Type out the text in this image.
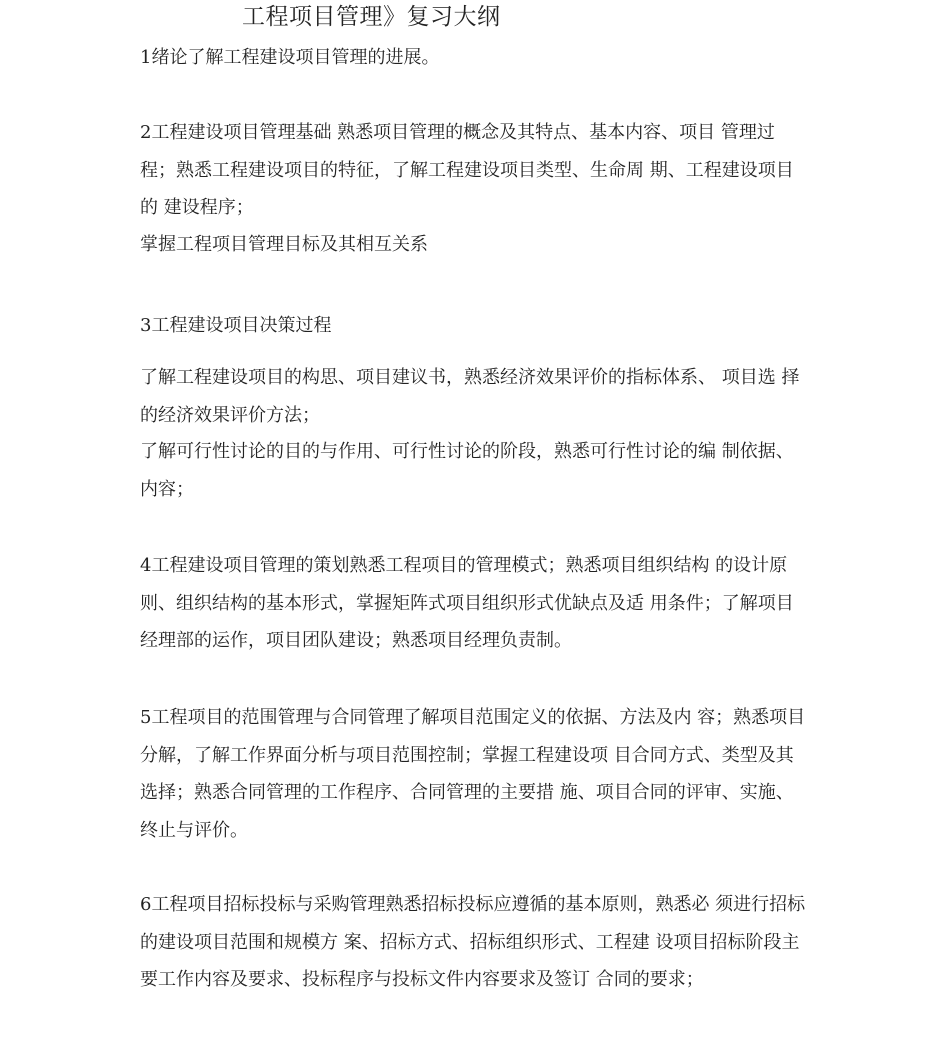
工程项目管理》复习大纲
1绪论了解工程建设项目管理的进展。
2工程建设项目管理基础 熟悉项目管理的概念及其特点、基本内容、项目 管理过程；熟悉工程建设项目的特征，了解工程建设项目类型、生命周 期、工程建设项目的 建设程序；
掌握工程项目管理目标及其相互关系
3工程建设项目决策过程
了解工程建设项目的构思、项目建议书，熟悉经济效果评价的指标体系、 项目选 择的经济效果评价方法；
了解可行性讨论的目的与作用、可行性讨论的阶段，熟悉可行性讨论的编 制依据、内容；
4工程建设项目管理的策划熟悉工程项目的管理模式；熟悉项目组织结构 的设计原则、组织结构的基本形式，掌握矩阵式项目组织形式优缺点及适 用条件；了解项目经理部的运作，项目团队建设；熟悉项目经理负责制。
5工程项目的范围管理与合同管理了解项目范围定义的依据、方法及内 容；熟悉项目分解，了解工作界面分析与项目范围控制；掌握工程建设项 目合同方式、类型及其选择；熟悉合同管理的工作程序、合同管理的主要措 施、项目合同的评审、实施、终止与评价。
6工程项目招标投标与采购管理熟悉招标投标应遵循的基本原则，熟悉必 须进行招标的建设项目范围和规模方 案、招标方式、招标组织形式、工程建 设项目招标阶段主要工作内容及要求、投标程序与投标文件内容要求及签订 合同的要求；
